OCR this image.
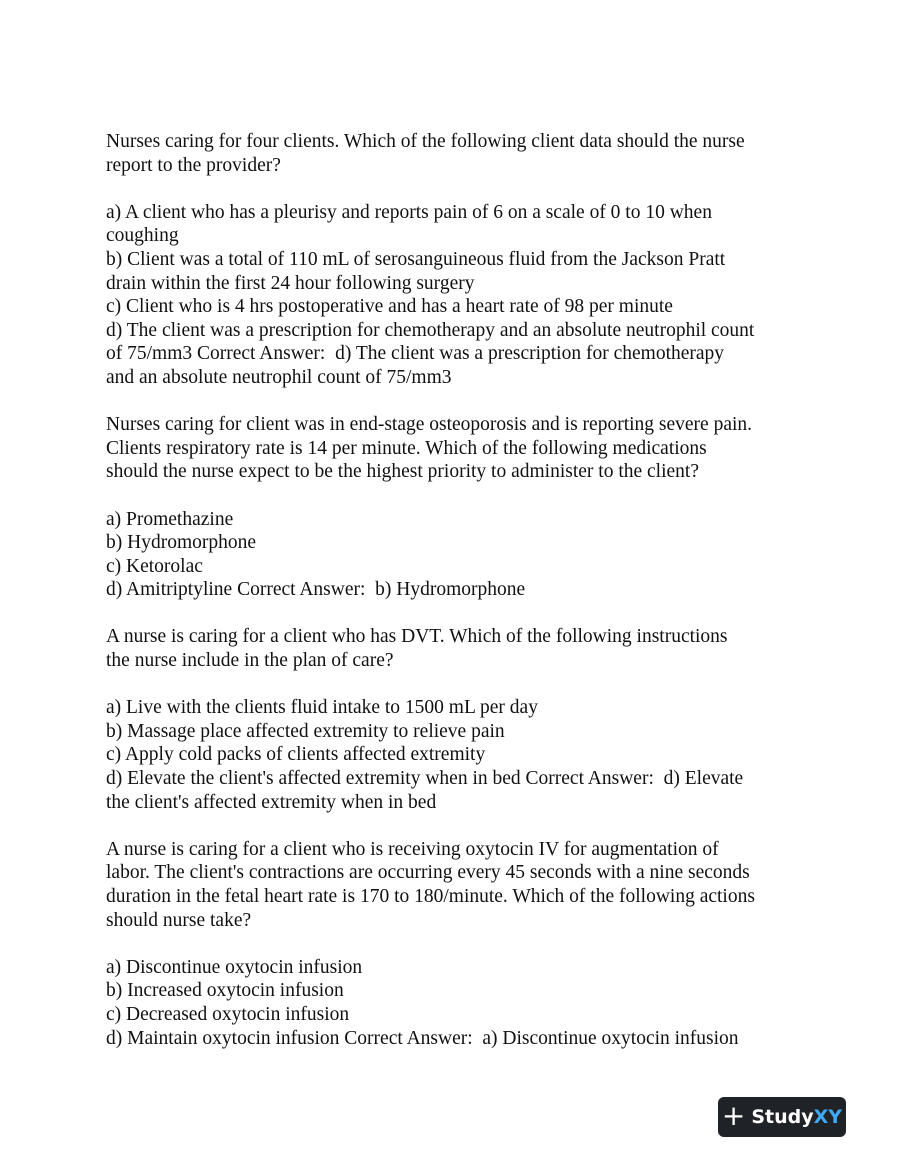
Nurses caring for four clients. Which of the following client data should the nurse
report to the provider?
a) A client who has a pleurisy and reports pain of 6 on a scale of 0 to 10 when
coughing
b) Client was a total of 110 mL of serosanguineous fluid from the Jackson Pratt
drain within the first 24 hour following surgery
c) Client who is 4 hrs postoperative and has a heart rate of 98 per minute
d) The client was a prescription for chemotherapy and an absolute neutrophil count
of 75/mm3 Correct Answer:  d) The client was a prescription for chemotherapy
and an absolute neutrophil count of 75/mm3
Nurses caring for client was in end-stage osteoporosis and is reporting severe pain.
Clients respiratory rate is 14 per minute. Which of the following medications
should the nurse expect to be the highest priority to administer to the client?
a) Promethazine
b) Hydromorphone
c) Ketorolac
d) Amitriptyline Correct Answer:  b) Hydromorphone
A nurse is caring for a client who has DVT. Which of the following instructions
the nurse include in the plan of care?
a) Live with the clients fluid intake to 1500 mL per day
b) Massage place affected extremity to relieve pain
c) Apply cold packs of clients affected extremity
d) Elevate the client's affected extremity when in bed Correct Answer:  d) Elevate
the client's affected extremity when in bed
A nurse is caring for a client who is receiving oxytocin IV for augmentation of
labor. The client's contractions are occurring every 45 seconds with a nine seconds
duration in the fetal heart rate is 170 to 180/minute. Which of the following actions
should nurse take?
a) Discontinue oxytocin infusion
b) Increased oxytocin infusion
c) Decreased oxytocin infusion
d) Maintain oxytocin infusion Correct Answer:  a) Discontinue oxytocin infusion
+ Study XY
